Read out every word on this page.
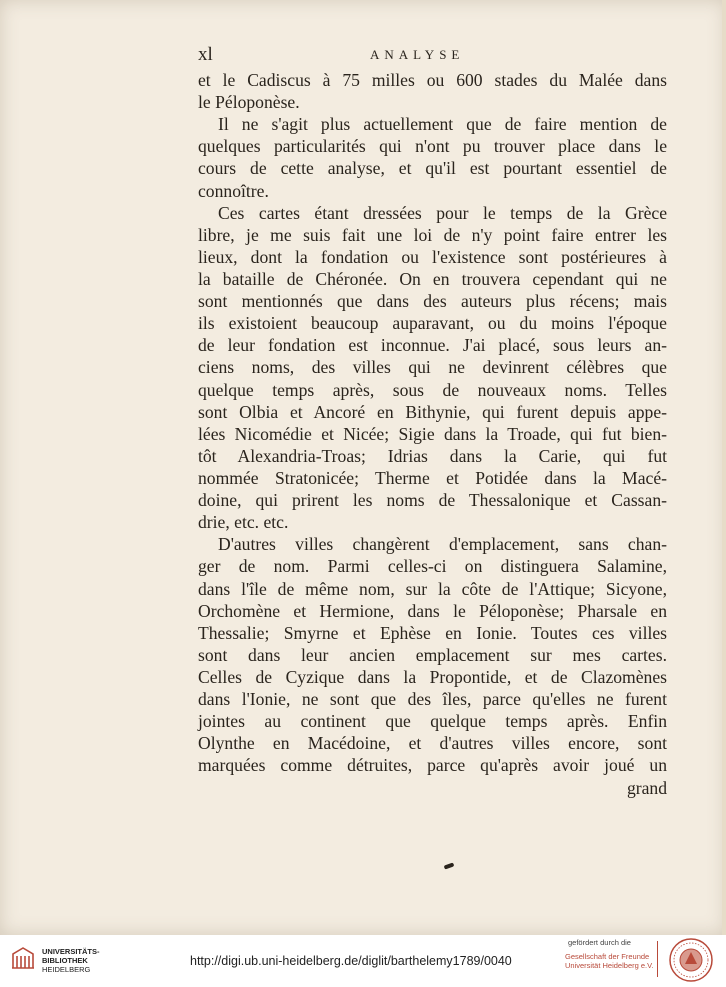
xl	ANALYSE
et le Cadiscus à 75 milles ou 600 stades du Malée dans
le Péloponèse.
Il ne s'agit plus actuellement que de faire mention de
quelques particularités qui n'ont pu trouver place dans le
cours de cette analyse, et qu'il est pourtant essentiel de
connoître.
Ces cartes étant dressées pour le temps de la Grèce
libre, je me suis fait une loi de n'y point faire entrer les
lieux, dont la fondation ou l'existence sont postérieures à
la bataille de Chéronée. On en trouvera cependant qui ne
sont mentionnés que dans des auteurs plus récens; mais
ils existoient beaucoup auparavant, ou du moins l'époque
de leur fondation est inconnue. J'ai placé, sous leurs an-
ciens noms, des villes qui ne devinrent célèbres que
quelque temps après, sous de nouveaux noms. Telles
sont Olbia et Ancoré en Bithynie, qui furent depuis appe-
lées Nicomédie et Nicée; Sigie dans la Troade, qui fut bien-
tôt Alexandria-Troas; Idrias dans la Carie, qui fut
nommée Stratonicée; Therme et Potidée dans la Macé-
doine, qui prirent les noms de Thessalonique et Cassan-
drie, etc. etc.
D'autres villes changèrent d'emplacement, sans chan-
ger de nom. Parmi celles-ci on distinguera Salamine,
dans l'île de même nom, sur la côte de l'Attique; Sicyone,
Orchomène et Hermione, dans le Péloponèse; Pharsale en
Thessalie; Smyrne et Ephèse en Ionie. Toutes ces villes
sont dans leur ancien emplacement sur mes cartes.
Celles de Cyzique dans la Propontide, et de Clazomènes
dans l'Ionie, ne sont que des îles, parce qu'elles ne furent
jointes au continent que quelque temps après. Enfin
Olynthe en Macédoine, et d'autres villes encore, sont
marquées comme détruites, parce qu'après avoir joué un
grand
UNIVERSITÄTS-
BIBLIOTHEK
HEIDELBERG
http://digi.ub.uni-heidelberg.de/diglit/barthelemy1789/0040
gefördert durch die
Gesellschaft der Freunde
Universität Heidelberg e.V.
